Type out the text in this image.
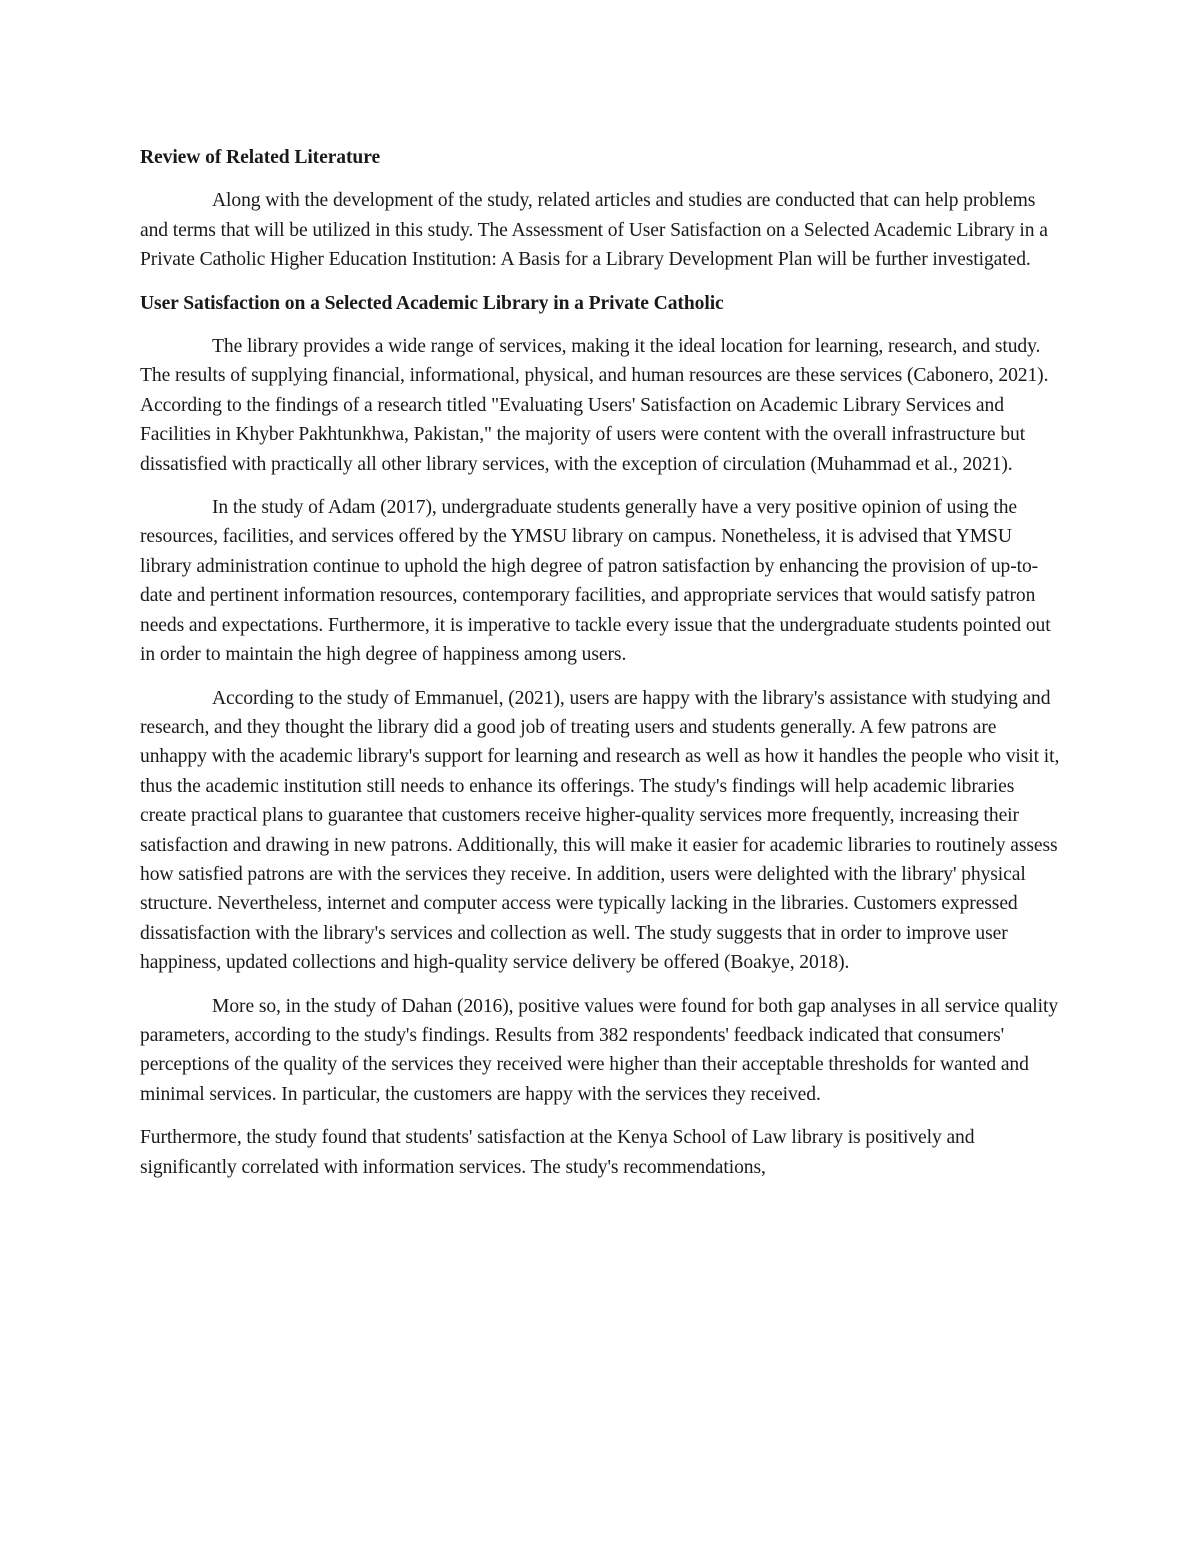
Review of Related Literature

Along with the development of the study, related articles and studies are conducted that can help problems and terms that will be utilized in this study. The Assessment of User Satisfaction on a Selected Academic Library in a Private Catholic Higher Education Institution: A Basis for a Library Development Plan will be further investigated.

User Satisfaction on a Selected Academic Library in a Private Catholic

The library provides a wide range of services, making it the ideal location for learning, research, and study. The results of supplying financial, informational, physical, and human resources are these services (Cabonero, 2021). According to the findings of a research titled "Evaluating Users' Satisfaction on Academic Library Services and Facilities in Khyber Pakhtunkhwa, Pakistan," the majority of users were content with the overall infrastructure but dissatisfied with practically all other library services, with the exception of circulation (Muhammad et al., 2021).

In the study of Adam (2017), undergraduate students generally have a very positive opinion of using the resources, facilities, and services offered by the YMSU library on campus. Nonetheless, it is advised that YMSU library administration continue to uphold the high degree of patron satisfaction by enhancing the provision of up-to-date and pertinent information resources, contemporary facilities, and appropriate services that would satisfy patron needs and expectations. Furthermore, it is imperative to tackle every issue that the undergraduate students pointed out in order to maintain the high degree of happiness among users.

According to the study of Emmanuel, (2021), users are happy with the library's assistance with studying and research, and they thought the library did a good job of treating users and students generally. A few patrons are unhappy with the academic library's support for learning and research as well as how it handles the people who visit it, thus the academic institution still needs to enhance its offerings. The study's findings will help academic libraries create practical plans to guarantee that customers receive higher-quality services more frequently, increasing their satisfaction and drawing in new patrons. Additionally, this will make it easier for academic libraries to routinely assess how satisfied patrons are with the services they receive. In addition, users were delighted with the library' physical structure. Nevertheless, internet and computer access were typically lacking in the libraries. Customers expressed dissatisfaction with the library's services and collection as well. The study suggests that in order to improve user happiness, updated collections and high-quality service delivery be offered (Boakye, 2018).

More so, in the study of Dahan (2016), positive values were found for both gap analyses in all service quality parameters, according to the study's findings. Results from 382 respondents' feedback indicated that consumers' perceptions of the quality of the services they received were higher than their acceptable thresholds for wanted and minimal services. In particular, the customers are happy with the services they received.

Furthermore, the study found that students' satisfaction at the Kenya School of Law library is positively and significantly correlated with information services. The study's recommendations,
